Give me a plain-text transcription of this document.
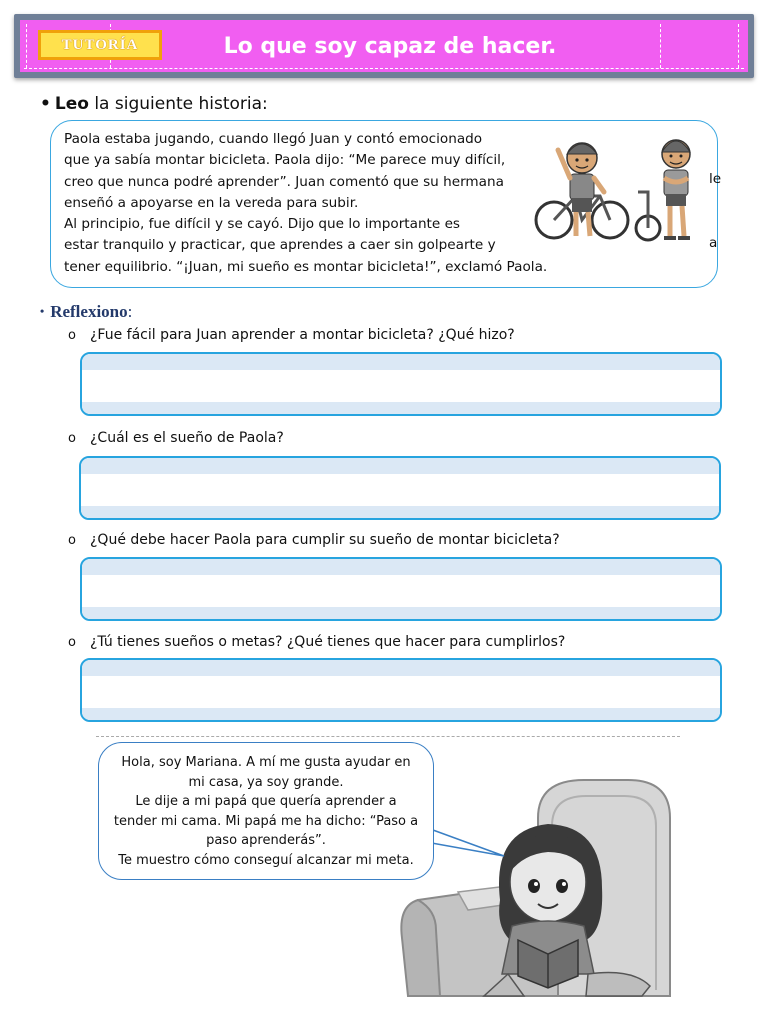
TUTORÍA	Lo que soy capaz de hacer.
• Leo la siguiente historia:
Paola estaba jugando, cuando llegó Juan y contó emocionado
que ya sabía montar bicicleta. Paola dijo: “Me parece muy difícil,
creo que nunca podré aprender”. Juan comentó que su hermana
enseñó a apoyarse en la vereda para subir.
Al principio, fue difícil y se cayó. Dijo que lo importante es
estar tranquilo y practicar, que aprendes a caer sin golpearte y
tener equilibrio. “¡Juan, mi sueño es montar bicicleta!”, exclamó Paola.
le
a
• Reflexiono:
o ¿Fue fácil para Juan aprender a montar bicicleta? ¿Qué hizo?
o ¿Cuál es el sueño de Paola?
o ¿Qué debe hacer Paola para cumplir su sueño de montar bicicleta?
o ¿Tú tienes sueños o metas? ¿Qué tienes que hacer para cumplirlos?
Hola, soy Mariana. A mí me gusta ayudar en
mi casa, ya soy grande.
Le dije a mi papá que quería aprender a
tender mi cama. Mi papá me ha dicho: “Paso a
paso aprenderás”.
Te muestro cómo conseguí alcanzar mi meta.
